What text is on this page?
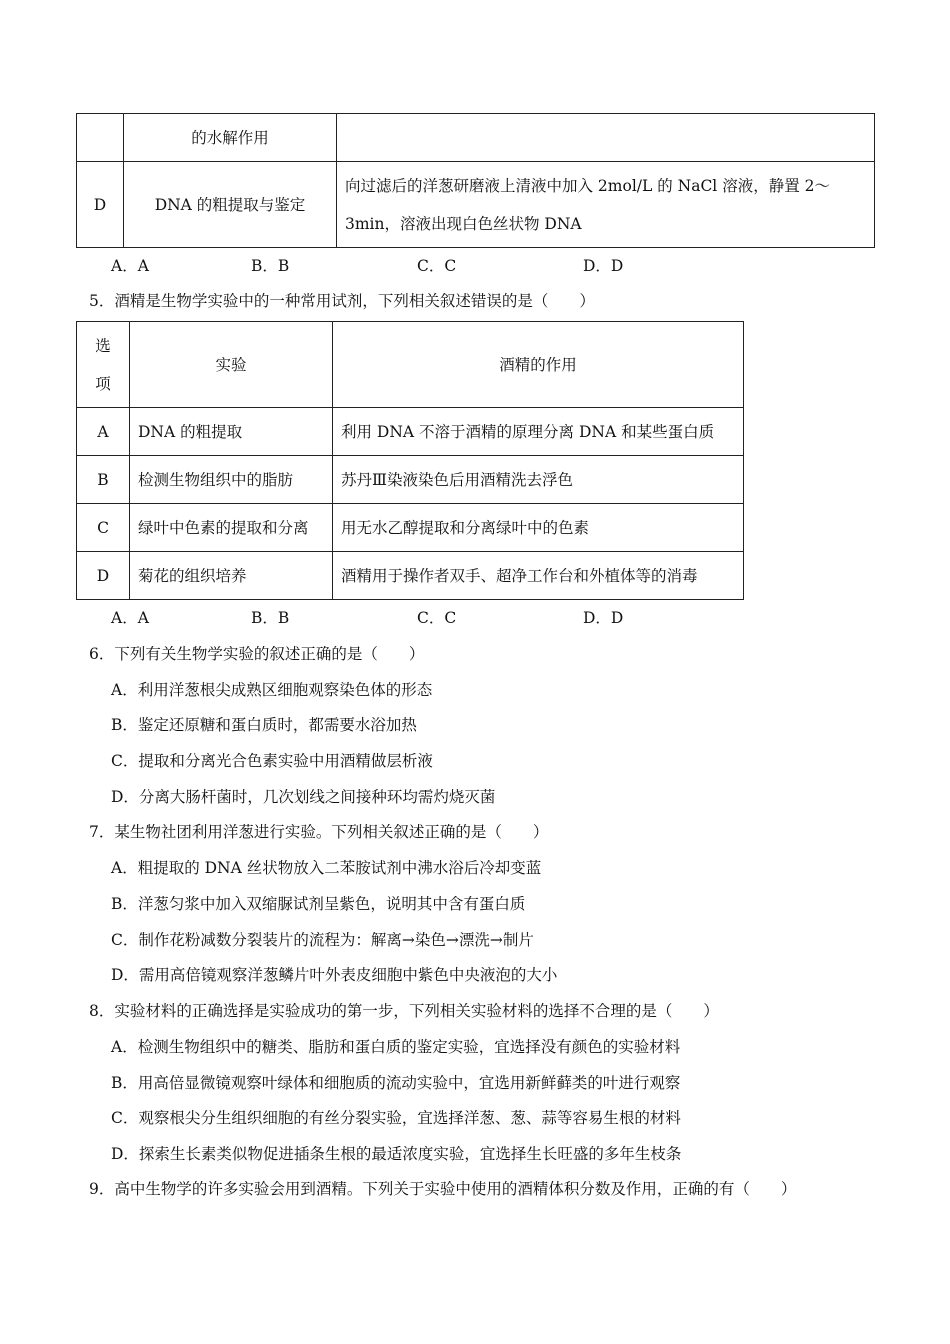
	的水解作用	
D	DNA 的粗提取与鉴定	向过滤后的洋葱研磨液上清液中加入 2mol/L 的 NaCl 溶液，静置 2～
3min，溶液出现白色丝状物 DNA
A．A	B．B	C．C	D．D
5．酒精是生物学实验中的一种常用试剂，下列相关叙述错误的是（　　）
选
项	实验	酒精的作用
A	DNA 的粗提取	利用 DNA 不溶于酒精的原理分离 DNA 和某些蛋白质
B	检测生物组织中的脂肪	苏丹Ⅲ染液染色后用酒精洗去浮色
C	绿叶中色素的提取和分离	用无水乙醇提取和分离绿叶中的色素
D	菊花的组织培养	酒精用于操作者双手、超净工作台和外植体等的消毒
A．A	B．B	C．C	D．D
6．下列有关生物学实验的叙述正确的是（　　）
A．利用洋葱根尖成熟区细胞观察染色体的形态
B．鉴定还原糖和蛋白质时，都需要水浴加热
C．提取和分离光合色素实验中用酒精做层析液
D．分离大肠杆菌时，几次划线之间接种环均需灼烧灭菌
7．某生物社团利用洋葱进行实验。下列相关叙述正确的是（　　）
A．粗提取的 DNA 丝状物放入二苯胺试剂中沸水浴后冷却变蓝
B．洋葱匀浆中加入双缩脲试剂呈紫色，说明其中含有蛋白质
C．制作花粉减数分裂装片的流程为：解离→染色→漂洗→制片
D．需用高倍镜观察洋葱鳞片叶外表皮细胞中紫色中央液泡的大小
8．实验材料的正确选择是实验成功的第一步，下列相关实验材料的选择不合理的是（　　）
A．检测生物组织中的糖类、脂肪和蛋白质的鉴定实验，宜选择没有颜色的实验材料
B．用高倍显微镜观察叶绿体和细胞质的流动实验中，宜选用新鲜藓类的叶进行观察
C．观察根尖分生组织细胞的有丝分裂实验，宜选择洋葱、葱、蒜等容易生根的材料
D．探索生长素类似物促进插条生根的最适浓度实验，宜选择生长旺盛的多年生枝条
9．高中生物学的许多实验会用到酒精。下列关于实验中使用的酒精体积分数及作用，正确的有（　　）
